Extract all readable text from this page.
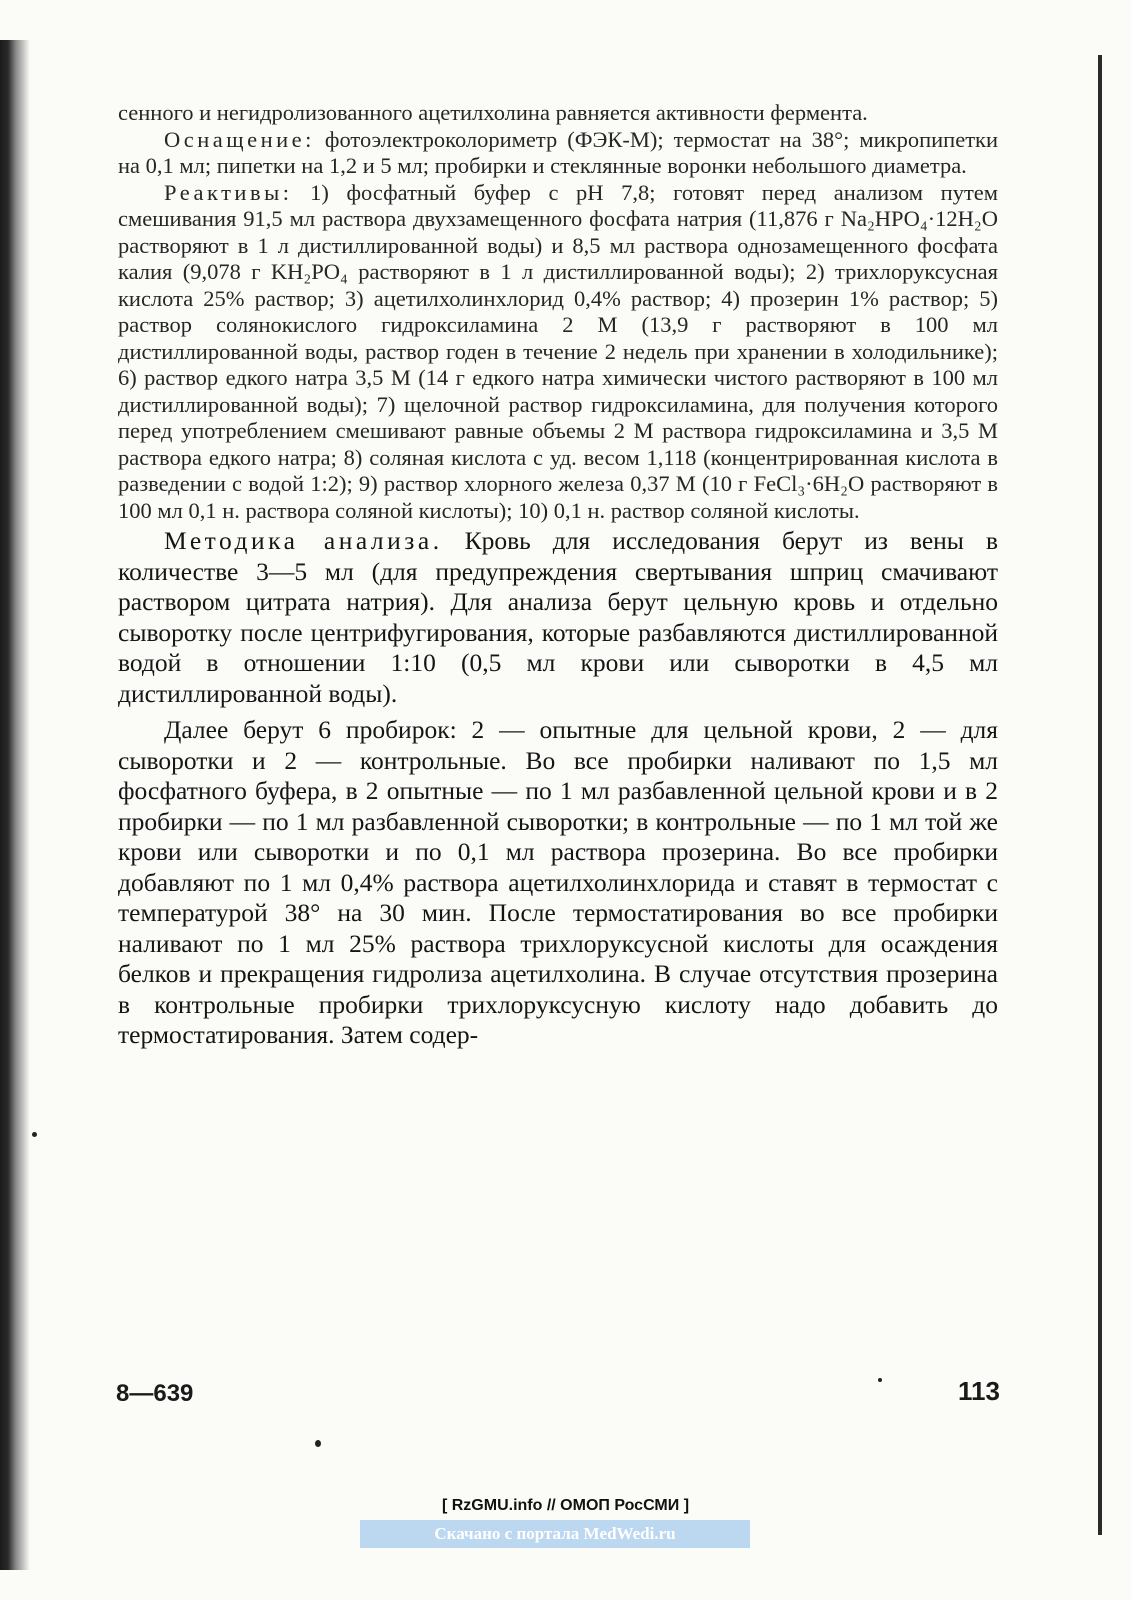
сенного и негидролизованного ацетилхолина равняется активности фермента.

Оснащение: фотоэлектроколориметр (ФЭК-М); термостат на 38°; микропипетки на 0,1 мл; пипетки на 1,2 и 5 мл; пробирки и стеклянные воронки небольшого диаметра.

Реактивы: 1) фосфатный буфер с pH 7,8; готовят перед анализом путем смешивания 91,5 мл раствора двухзамещенного фосфата натрия (11,876 г Na₂HPO₄·12H₂O растворяют в 1 л дистиллированной воды) и 8,5 мл раствора однозамещенного фосфата калия (9,078 г KH₂PO₄ растворяют в 1 л дистиллированной воды); 2) трихлоруксусная кислота 25% раствор; 3) ацетилхолинхлорид 0,4% раствор; 4) прозерин 1% раствор; 5) раствор солянокислого гидроксиламина 2 М (13,9 г растворяют в 100 мл дистиллированной воды, раствор годен в течение 2 недель при хранении в холодильнике); 6) раствор едкого натра 3,5 М (14 г едкого натра химически чистого растворяют в 100 мл дистиллированной воды); 7) щелочной раствор гидроксиламина, для получения которого перед употреблением смешивают равные объемы 2 М раствора гидроксиламина и 3,5 М раствора едкого натра; 8) соляная кислота с уд. весом 1,118 (концентрированная кислота в разведении с водой 1:2); 9) раствор хлорного железа 0,37 М (10 г FeCl₃·6H₂O растворяют в 100 мл 0,1 н. раствора соляной кислоты); 10) 0,1 н. раствор соляной кислоты.

Методика анализа. Кровь для исследования берут из вены в количестве 3—5 мл (для предупреждения свертывания шприц смачивают раствором цитрата натрия). Для анализа берут цельную кровь и отдельно сыворотку после центрифугирования, которые разбавляются дистиллированной водой в отношении 1:10 (0,5 мл крови или сыворотки в 4,5 мл дистиллированной воды).

Далее берут 6 пробирок: 2 — опытные для цельной крови, 2 — для сыворотки и 2 — контрольные. Во все пробирки наливают по 1,5 мл фосфатного буфера, в 2 опытные — по 1 мл разбавленной цельной крови и в 2 пробирки — по 1 мл разбавленной сыворотки; в контрольные — по 1 мл той же крови или сыворотки и по 0,1 мл раствора прозерина. Во все пробирки добавляют по 1 мл 0,4% раствора ацетилхолинхлорида и ставят в термостат с температурой 38° на 30 мин. После термостатирования во все пробирки наливают по 1 мл 25% раствора трихлоруксусной кислоты для осаждения белков и прекращения гидролиза ацетилхолина. В случае отсутствия прозерина в контрольные пробирки трихлоруксусную кислоту надо добавить до термостатирования. Затем содер-

8—639	113
[ RzGMU.info // ОМОП РосСМИ ]
Скачано с портала MedWedi.ru
